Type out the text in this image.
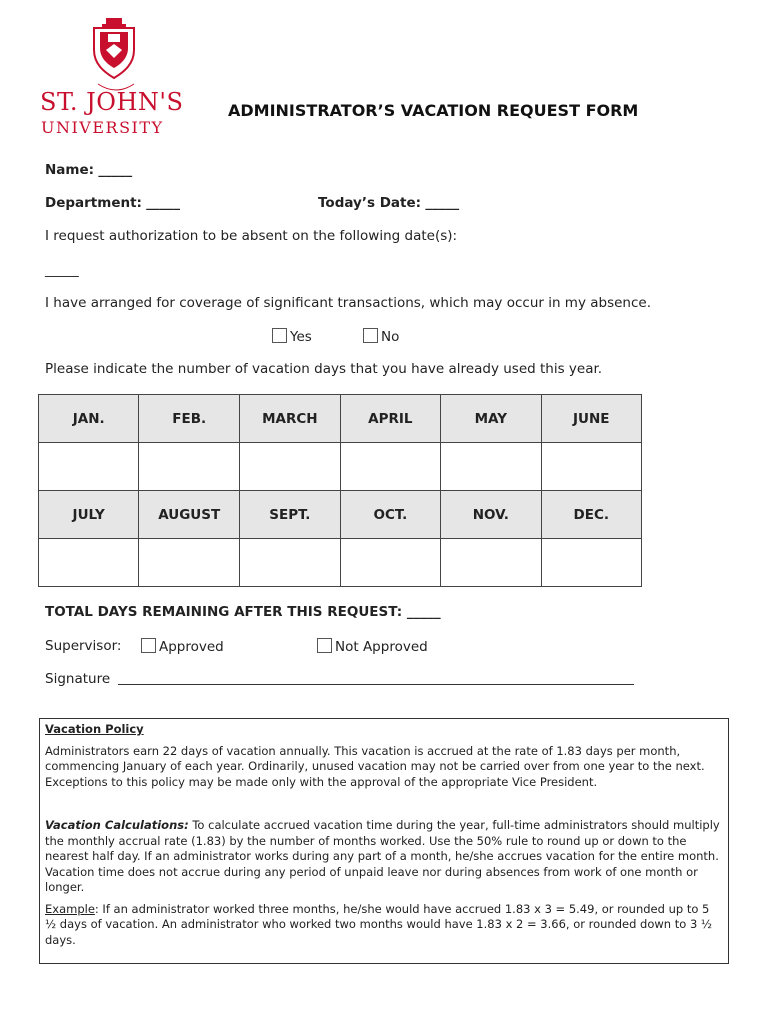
ST. JOHN'S
UNIVERSITY
ADMINISTRATOR’S VACATION REQUEST FORM
Name: _____
Department: _____	Today’s Date: _____
I request authorization to be absent on the following date(s):
_____
I have arranged for coverage of significant transactions, which may occur in my absence.
Yes	No
Please indicate the number of vacation days that you have already used this year.
JAN.	FEB.	MARCH	APRIL	MAY	JUNE

JULY	AUGUST	SEPT.	OCT.	NOV.	DEC.

TOTAL DAYS REMAINING AFTER THIS REQUEST: _____
Supervisor:	Approved	Not Approved
Signature

Vacation Policy

Administrators earn 22 days of vacation annually. This vacation is accrued at the rate of 1.83 days per month, commencing January of each year. Ordinarily, unused vacation may not be carried over from one year to the next. Exceptions to this policy may be made only with the approval of the appropriate Vice President.

Vacation Calculations: To calculate accrued vacation time during the year, full-time administrators should multiply the monthly accrual rate (1.83) by the number of months worked. Use the 50% rule to round up or down to the nearest half day. If an administrator works during any part of a month, he/she accrues vacation for the entire month. Vacation time does not accrue during any period of unpaid leave nor during absences from work of one month or longer.

Example: If an administrator worked three months, he/she would have accrued 1.83 x 3 = 5.49, or rounded up to 5 ½ days of vacation. An administrator who worked two months would have 1.83 x 2 = 3.66, or rounded down to 3 ½ days.
